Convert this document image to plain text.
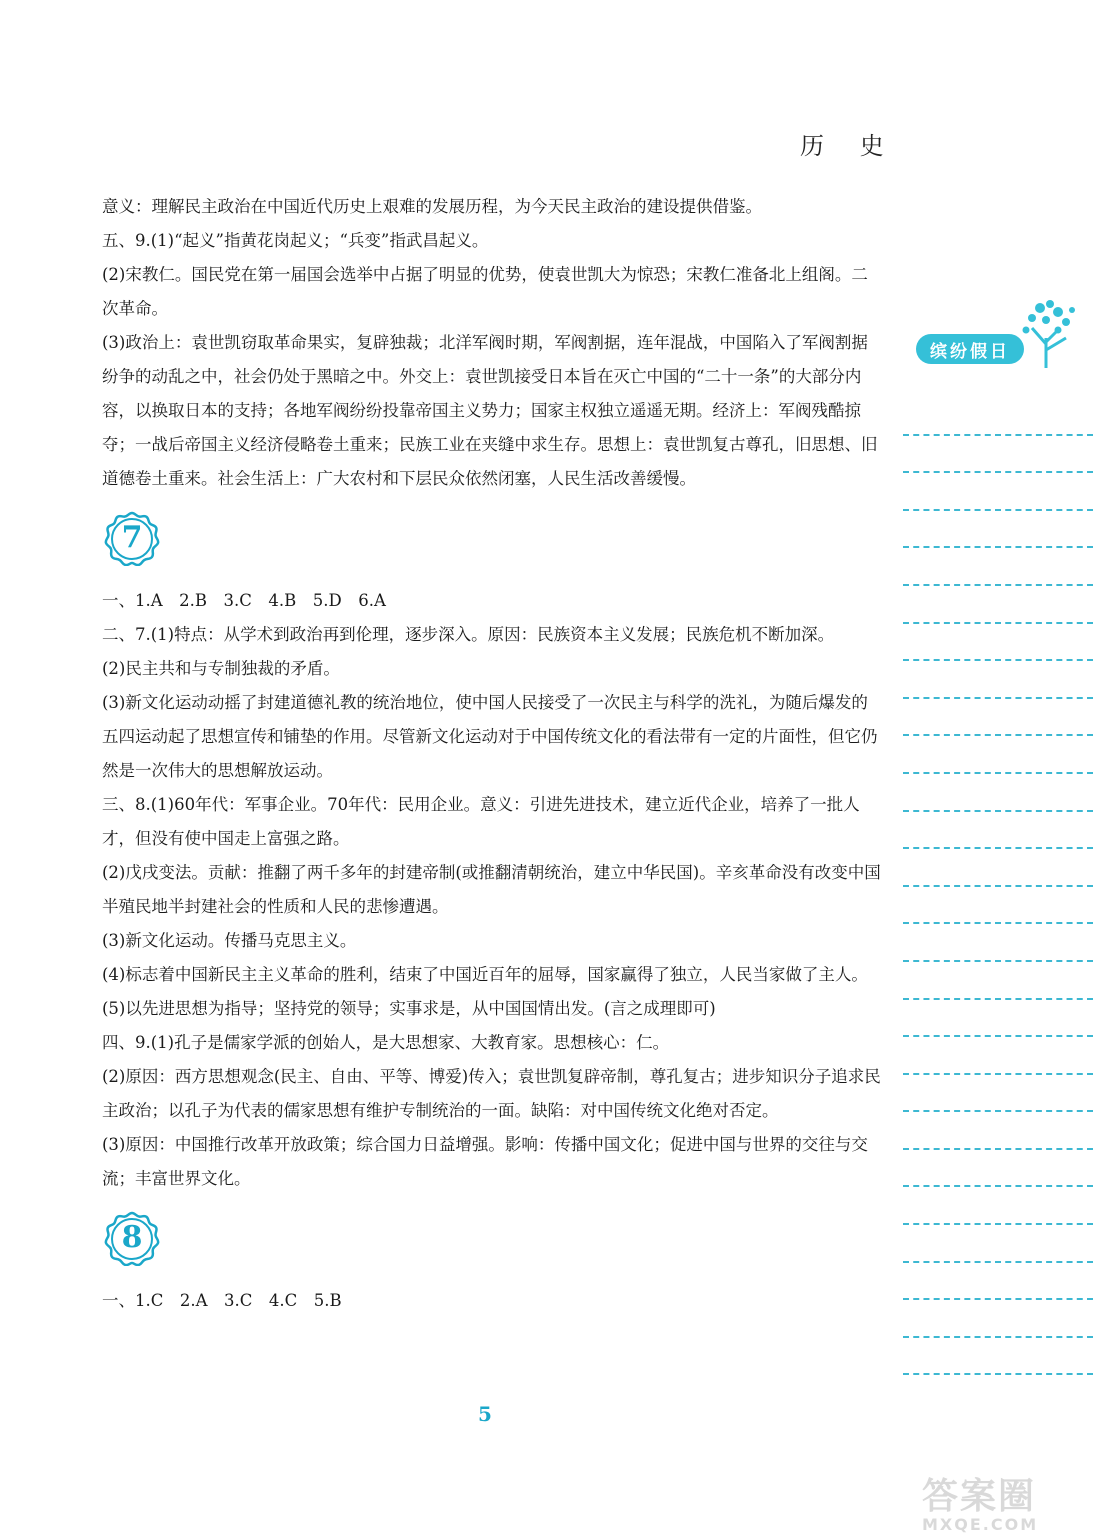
历 史
缤纷假日

意义：理解民主政治在中国近代历史上艰难的发展历程，为今天民主政治的建设提供借鉴。

五、9.(1)“起义”指黄花岗起义；“兵变”指武昌起义。

(2)宋教仁。国民党在第一届国会选举中占据了明显的优势，使袁世凯大为惊恐；宋教仁准备北上组阁。二次革命。

(3)政治上：袁世凯窃取革命果实，复辟独裁；北洋军阀时期，军阀割据，连年混战，中国陷入了军阀割据纷争的动乱之中，社会仍处于黑暗之中。外交上：袁世凯接受日本旨在灭亡中国的“二十一条”的大部分内容，以换取日本的支持；各地军阀纷纷投靠帝国主义势力；国家主权独立遥遥无期。经济上：军阀残酷掠夺；一战后帝国主义经济侵略卷土重来；民族工业在夹缝中求生存。思想上：袁世凯复古尊孔，旧思想、旧道德卷土重来。社会生活上：广大农村和下层民众依然闭塞，人民生活改善缓慢。

7

一、1.A　2.B　3.C　4.B　5.D　6.A

二、7.(1)特点：从学术到政治再到伦理，逐步深入。原因：民族资本主义发展；民族危机不断加深。

(2)民主共和与专制独裁的矛盾。

(3)新文化运动动摇了封建道德礼教的统治地位，使中国人民接受了一次民主与科学的洗礼，为随后爆发的五四运动起了思想宣传和铺垫的作用。尽管新文化运动对于中国传统文化的看法带有一定的片面性，但它仍然是一次伟大的思想解放运动。

三、8.(1)60年代：军事企业。70年代：民用企业。意义：引进先进技术，建立近代企业，培养了一批人才，但没有使中国走上富强之路。

(2)戊戌变法。贡献：推翻了两千多年的封建帝制(或推翻清朝统治，建立中华民国)。辛亥革命没有改变中国半殖民地半封建社会的性质和人民的悲惨遭遇。

(3)新文化运动。传播马克思主义。

(4)标志着中国新民主主义革命的胜利，结束了中国近百年的屈辱，国家赢得了独立，人民当家做了主人。

(5)以先进思想为指导；坚持党的领导；实事求是，从中国国情出发。(言之成理即可)

四、9.(1)孔子是儒家学派的创始人，是大思想家、大教育家。思想核心：仁。

(2)原因：西方思想观念(民主、自由、平等、博爱)传入；袁世凯复辟帝制，尊孔复古；进步知识分子追求民主政治；以孔子为代表的儒家思想有维护专制统治的一面。缺陷：对中国传统文化绝对否定。

(3)原因：中国推行改革开放政策；综合国力日益增强。影响：传播中国文化；促进中国与世界的交往与交流；丰富世界文化。

8

一、1.C　2.A　3.C　4.C　5.B

5
答案圈
MXQE.COM
